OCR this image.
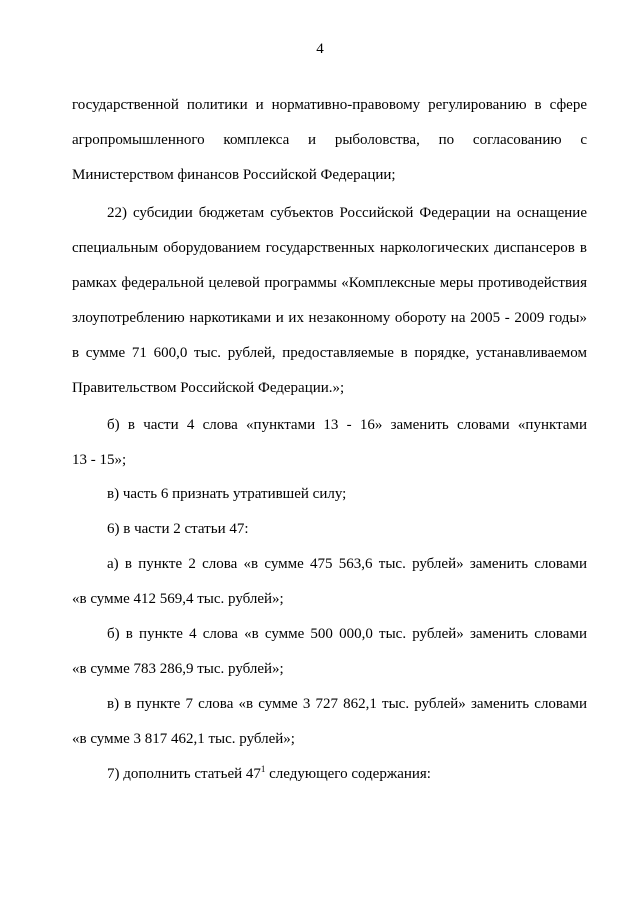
4
государственной политики и нормативно-правовому регулированию в сфере
агропромышленного комплекса и рыболовства, по согласованию с
Министерством финансов Российской Федерации;
22) субсидии бюджетам субъектов Российской Федерации на оснащение
специальным оборудованием государственных наркологических диспансеров в
рамках федеральной целевой программы «Комплексные меры противодействия
злоупотреблению наркотиками и их незаконному обороту на 2005 - 2009 годы»
в сумме 71 600,0 тыс. рублей, предоставляемые в порядке, устанавливаемом
Правительством Российской Федерации.»;
б) в части 4 слова «пунктами 13 - 16» заменить словами «пунктами
13 - 15»;
в) часть 6 признать утратившей силу;
6) в части 2 статьи 47:
а) в пункте 2 слова «в сумме 475 563,6 тыс. рублей» заменить словами
«в сумме 412 569,4 тыс. рублей»;
б) в пункте 4 слова «в сумме 500 000,0 тыс. рублей» заменить словами
«в сумме 783 286,9 тыс. рублей»;
в) в пункте 7 слова «в сумме 3 727 862,1 тыс. рублей» заменить словами
«в сумме 3 817 462,1 тыс. рублей»;
7) дополнить статьей $47^1$ следующего содержания:
